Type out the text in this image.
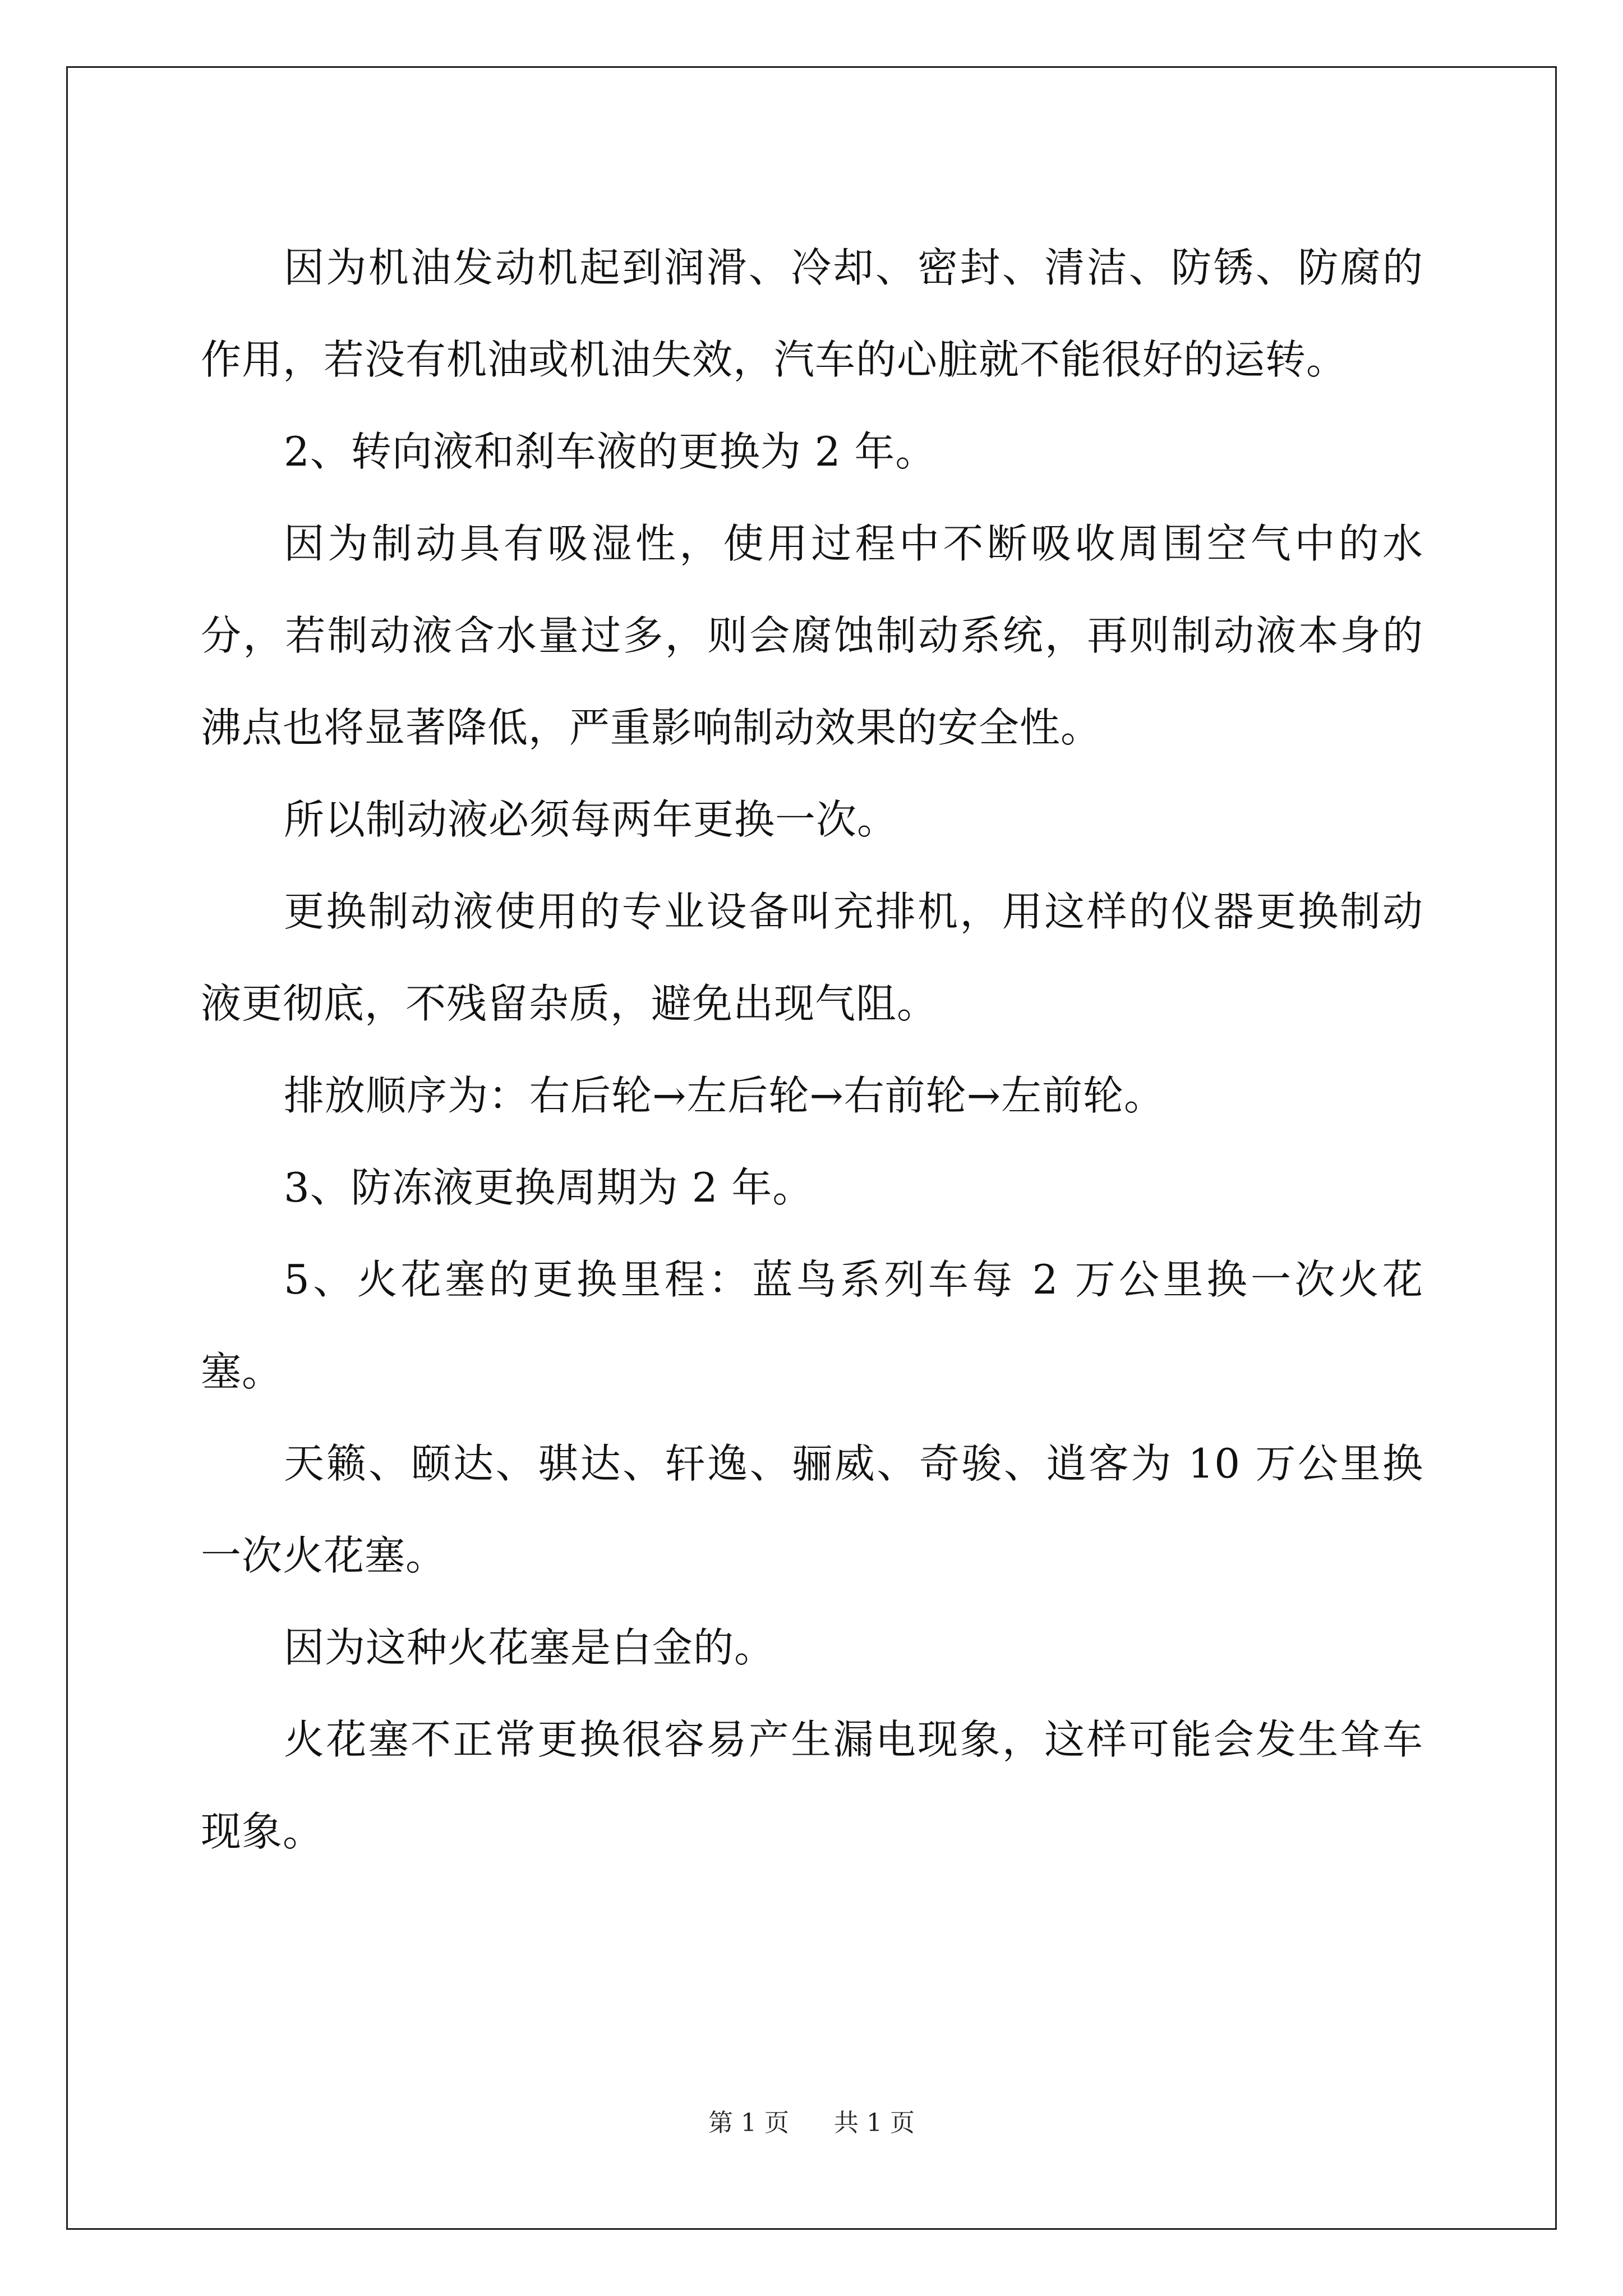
因为机油发动机起到润滑、冷却、密封、清洁、防锈、防腐的作用，若没有机油或机油失效，汽车的心脏就不能很好的运转。

2、转向液和刹车液的更换为 2 年。

因为制动具有吸湿性，使用过程中不断吸收周围空气中的水分，若制动液含水量过多，则会腐蚀制动系统，再则制动液本身的沸点也将显著降低，严重影响制动效果的安全性。

所以制动液必须每两年更换一次。

更换制动液使用的专业设备叫充排机，用这样的仪器更换制动液更彻底，不残留杂质，避免出现气阻。

排放顺序为：右后轮→左后轮→右前轮→左前轮。

3、防冻液更换周期为 2 年。

5、火花塞的更换里程：蓝鸟系列车每 2 万公里换一次火花塞。

天籁、颐达、骐达、轩逸、骊威、奇骏、逍客为 10 万公里换一次火花塞。

因为这种火花塞是白金的。

火花塞不正常更换很容易产生漏电现象，这样可能会发生耸车现象。

第 1 页 共 1 页
